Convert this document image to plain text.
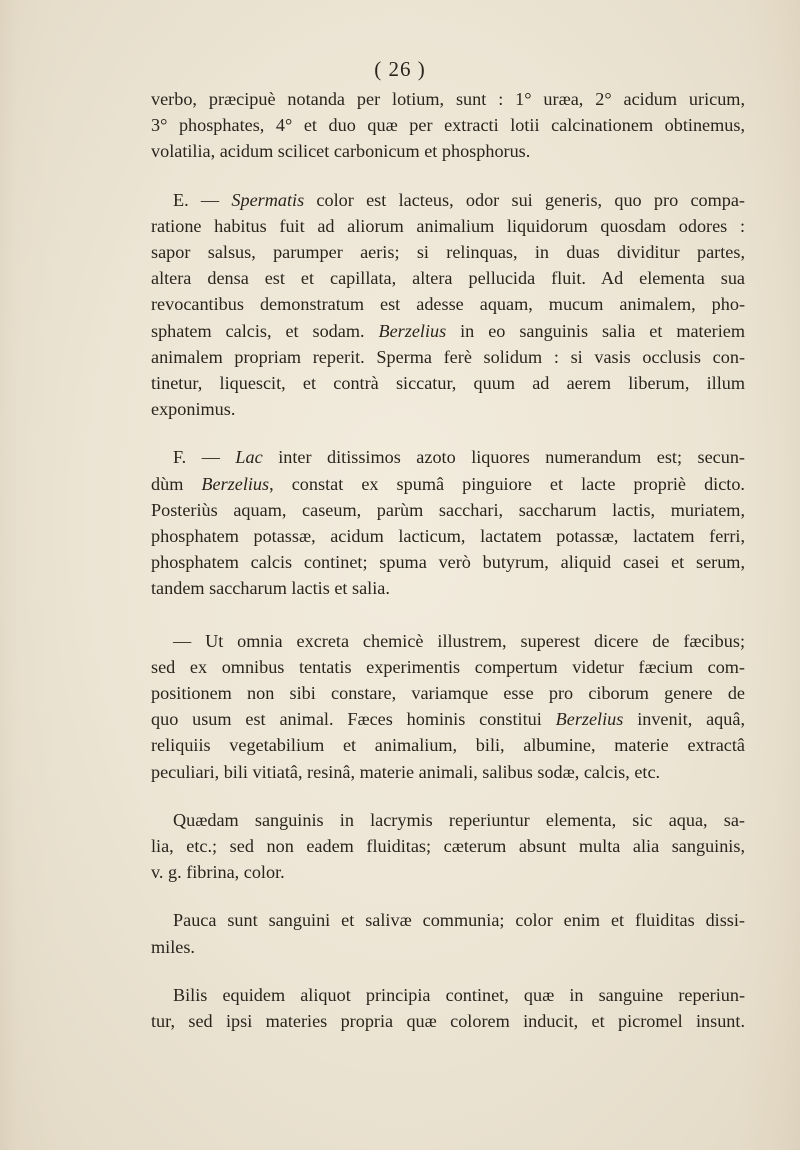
( 26 )

verbo, præcipuè notanda per lotium, sunt : 1° uræa, 2° acidum uricum,
3° phosphates, 4° et duo quæ per extracti lotii calcinationem obtinemus,
volatilia, acidum scilicet carbonicum et phosphorus.

E. — Spermatis color est lacteus, odor sui generis, quo pro compa-
ratione habitus fuit ad aliorum animalium liquidorum quosdam odores :
sapor salsus, parumper aeris; si relinquas, in duas dividitur partes,
altera densa est et capillata, altera pellucida fluit. Ad elementa sua
revocantibus demonstratum est adesse aquam, mucum animalem, pho-
sphatem calcis, et sodam. Berzelius in eo sanguinis salia et materiem
animalem propriam reperit. Sperma ferè solidum : si vasis occlusis con-
tinetur, liquescit, et contrà siccatur, quum ad aerem liberum, illum
exponimus.

F. — Lac inter ditissimos azoto liquores numerandum est; secun-
dùm Berzelius, constat ex spumâ pinguiore et lacte propriè dicto.
Posteriùs aquam, caseum, parùm sacchari, saccharum lactis, muriatem,
phosphatem potassæ, acidum lacticum, lactatem potassæ, lactatem ferri,
phosphatem calcis continet; spuma verò butyrum, aliquid casei et serum,
tandem saccharum lactis et salia.

— Ut omnia excreta chemicè illustrem, superest dicere de fæcibus;
sed ex omnibus tentatis experimentis compertum videtur fæcium com-
positionem non sibi constare, variamque esse pro ciborum genere de
quo usum est animal. Fæces hominis constitui Berzelius invenit, aquâ,
reliquiis vegetabilium et animalium, bili, albumine, materie extractâ
peculiari, bili vitiatâ, resinâ, materie animali, salibus sodæ, calcis, etc.

Quædam sanguinis in lacrymis reperiuntur elementa, sic aqua, sa-
lia, etc.; sed non eadem fluiditas; cæterum absunt multa alia sanguinis,
v. g. fibrina, color.

Pauca sunt sanguini et salivæ communia; color enim et fluiditas dissi-
miles.

Bilis equidem aliquot principia continet, quæ in sanguine reperiun-
tur, sed ipsi materies propria quæ colorem inducit, et picromel insunt.
